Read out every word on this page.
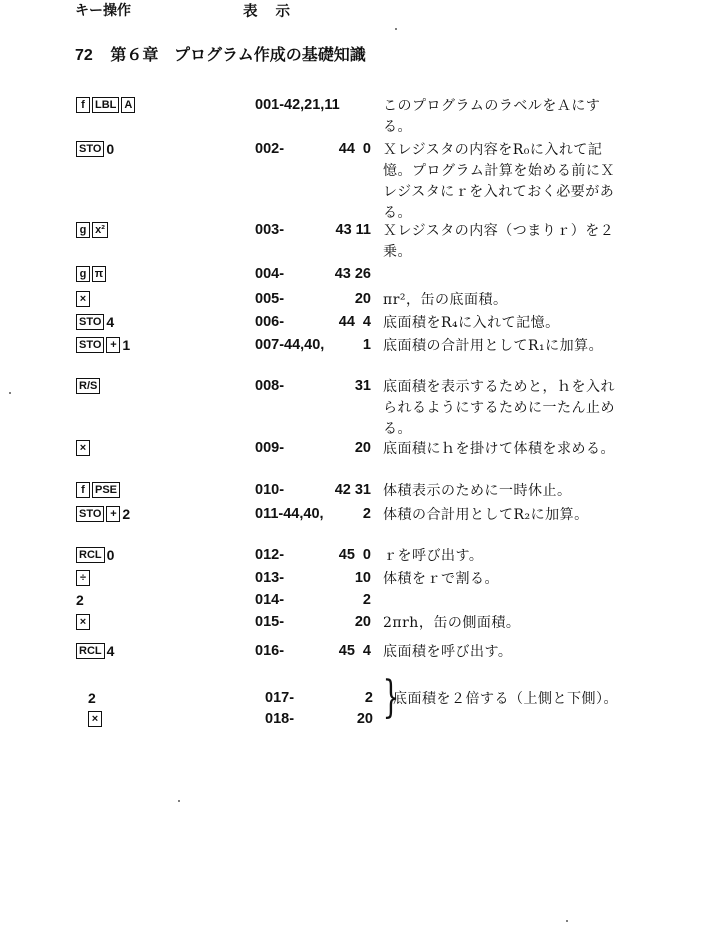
72 第６章 プログラム作成の基礎知識
キー操作	表示
f LBL A	001-42,21,11	このプログラムのラベルをＡにする。
STO 0	002-	44  0 Ｘレジスタの内容をR₀に入れて記憶。プログラム計算を始める前にＸレジスタにｒを入れておく必要がある。
g x²	003-	43 11 Ｘレジスタの内容（つまりｒ）を２乗。
g π	004-	43 26
×	005-	20 πr²，缶の底面積。
STO 4	006-	44  4 底面積をR₄に入れて記憶。
STO + 1	007-44,40,	1 底面積の合計用としてR₁に加算。
R/S	008-	31 底面積を表示するためと，ｈを入れられるようにするために一たん止める。
×	009-	20 底面積にｈを掛けて体積を求める。
f PSE	010-	42 31 体積表示のために一時休止。
STO + 2	011-44,40,	2 体積の合計用としてR₂に加算。
RCL 0	012-	45  0 ｒを呼び出す。
÷	013-	10 体積をｒで割る。
2	014-	2
×	015-	20 2πrh，缶の側面積。
RCL 4	016-	45  4 底面積を呼び出す。
2	017-	2 底面積を２倍する（上側と下側）。
×	018-	20 }
